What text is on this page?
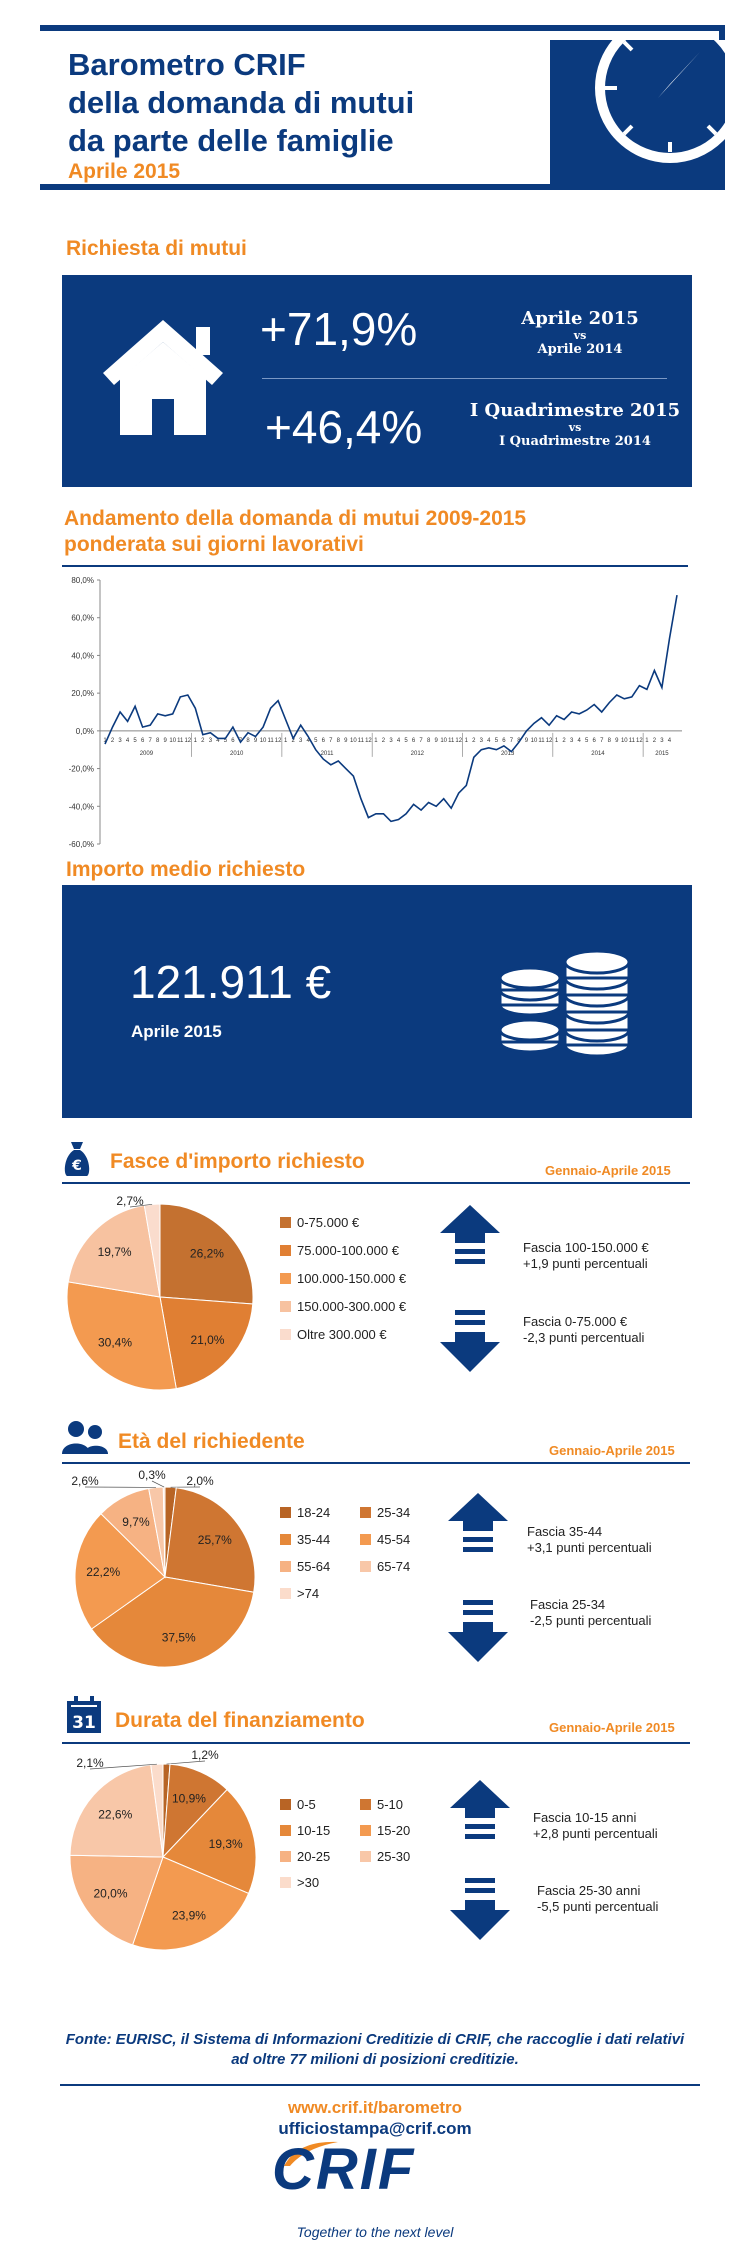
Barometro CRIF
della domanda di mutui
da parte delle famiglie
Aprile 2015
Richiesta di mutui
+71,9%
+46,4%
Aprile 2015
vs
Aprile 2014
I Quadrimestre 2015
vs
I Quadrimestre 2014
Andamento della domanda di mutui 2009-2015
ponderata sui giorni lavorativi
80,0%
60,0%
40,0%
20,0%
0,0%
-20,0%
-40,0%
-60,0%
1 2 3 4 5 6 7 8 9 10 11 12 1 2 3 4 5 6 7 8 9 10 11 12 1 2 3 4 5 6 7 8 9 10 11 12 1 2 3 4 5 6 7 8 9 10 11 12 1 2 3 4 5 6 7 8 9 10 11 12 1 2 3 4 5 6 7 8 9 10 11 12 1 2 3 4
2009	2010	2011	2012	2013	2014	2015
Importo medio richiesto
121.911 €
Aprile 2015
€ Fasce d'importo richiesto	Gennaio-Aprile 2015
26,2%
21,0%
30,4%
19,7%
2,7%
0-75.000 €
75.000-100.000 €
100.000-150.000 €
150.000-300.000 €
Oltre 300.000 €
Fascia 100-150.000 €
+1,9 punti percentuali
Fascia 0-75.000 €
-2,3 punti percentuali
Età del richiedente	Gennaio-Aprile 2015
2,0%
25,7%
37,5%
22,2%
9,7%
2,6%	0,3%
18-24	25-34
35-44	45-54
55-64	65-74
>74
Fascia 35-44
+3,1 punti percentuali
Fascia 25-34
-2,5 punti percentuali
31 Durata del finanziamento	Gennaio-Aprile 2015
1,2%
10,9%
19,3%
23,9%
20,0%
22,6%
2,1%
0-5	5-10
10-15	15-20
20-25	25-30
>30
Fascia 10-15 anni
+2,8 punti percentuali
Fascia 25-30 anni
-5,5 punti percentuali
Fonte: EURISC, il Sistema di Informazioni Creditizie di CRIF, che raccoglie i dati relativi ad oltre 77 milioni di posizioni creditizie.
www.crif.it/barometro
ufficiostampa@crif.com
CRIF
Together to the next level
